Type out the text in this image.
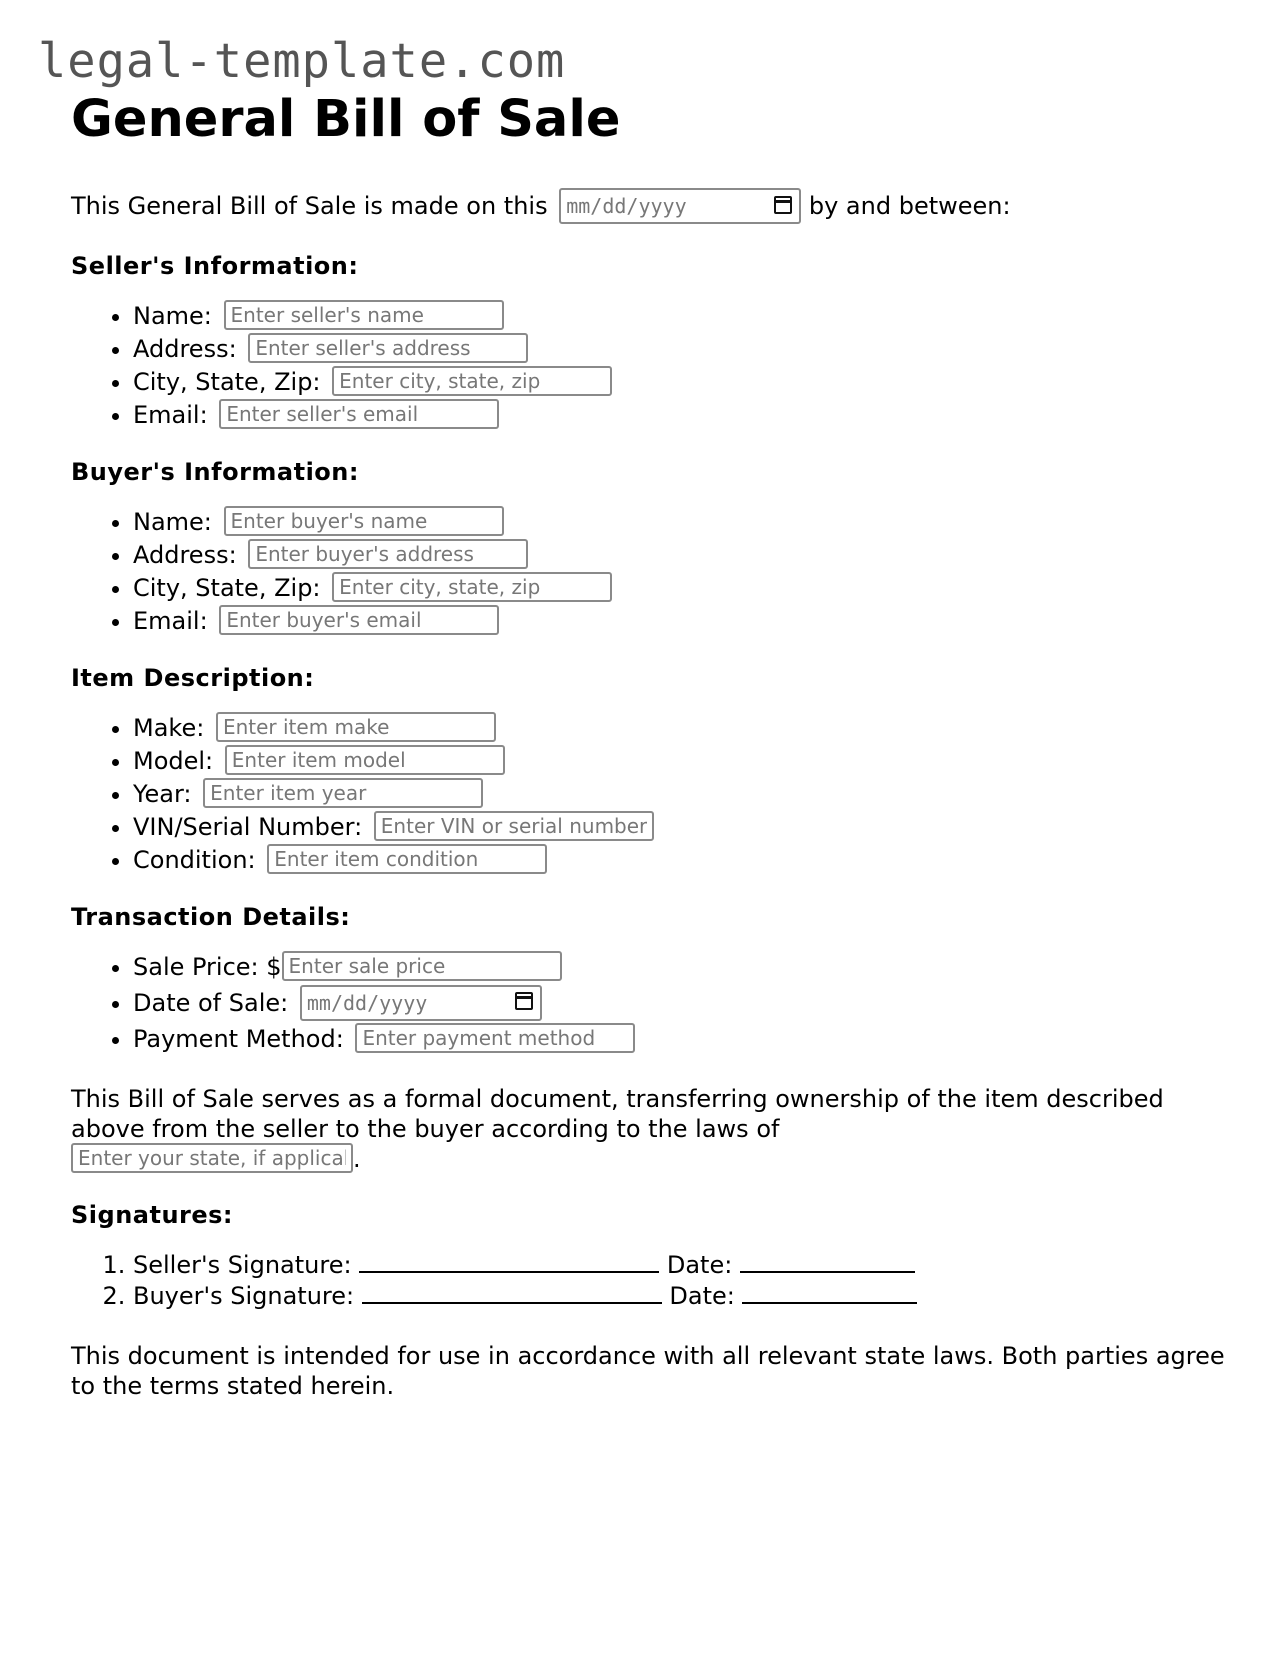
legal-template.com
General Bill of Sale
This General Bill of Sale is made on this mm/dd/yyyy	by and between:
Seller's Information:
• Name: Enter seller's name
• Address: Enter seller's address
• City, State, Zip: Enter city, state, zip
• Email: Enter seller's email
Buyer's Information:
• Name: Enter buyer's name
• Address: Enter buyer's address
• City, State, Zip: Enter city, state, zip
• Email: Enter buyer's email
Item Description:
• Make: Enter item make
• Model: Enter item model
• Year: Enter item year
• VIN/Serial Number: Enter VIN or serial number
• Condition: Enter item condition
Transaction Details:
• Sale Price: $Enter sale price
• Date of Sale: mm/dd/yyyy
• Payment Method: Enter payment method
This Bill of Sale serves as a formal document, transferring ownership of the item described above from the seller to the buyer according to the laws of
Enter your state, if applicable.
Signatures:
1. Seller's Signature:	Date:
2. Buyer's Signature:	Date:
This document is intended for use in accordance with all relevant state laws. Both parties agree to the terms stated herein.
